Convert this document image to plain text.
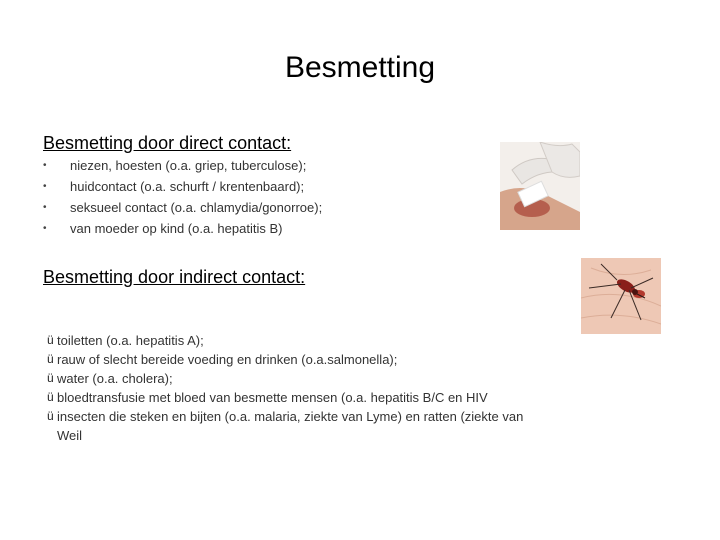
Besmetting
Besmetting door direct contact:
•	niezen, hoesten (o.a. griep, tuberculose);
•	huidcontact (o.a. schurft / krentenbaard);
•	seksueel contact (o.a. chlamydia/gonorroe);
•	van moeder op kind (o.a. hepatitis B)
Besmetting door indirect contact:
ü toiletten (o.a. hepatitis A);
ü rauw of slecht bereide voeding en drinken (o.a.salmonella);
ü water (o.a. cholera);
ü bloedtransfusie met bloed van besmette mensen (o.a. hepatitis B/C en HIV
ü insecten die steken en bijten (o.a. malaria, ziekte van Lyme) en ratten (ziekte van Weil
